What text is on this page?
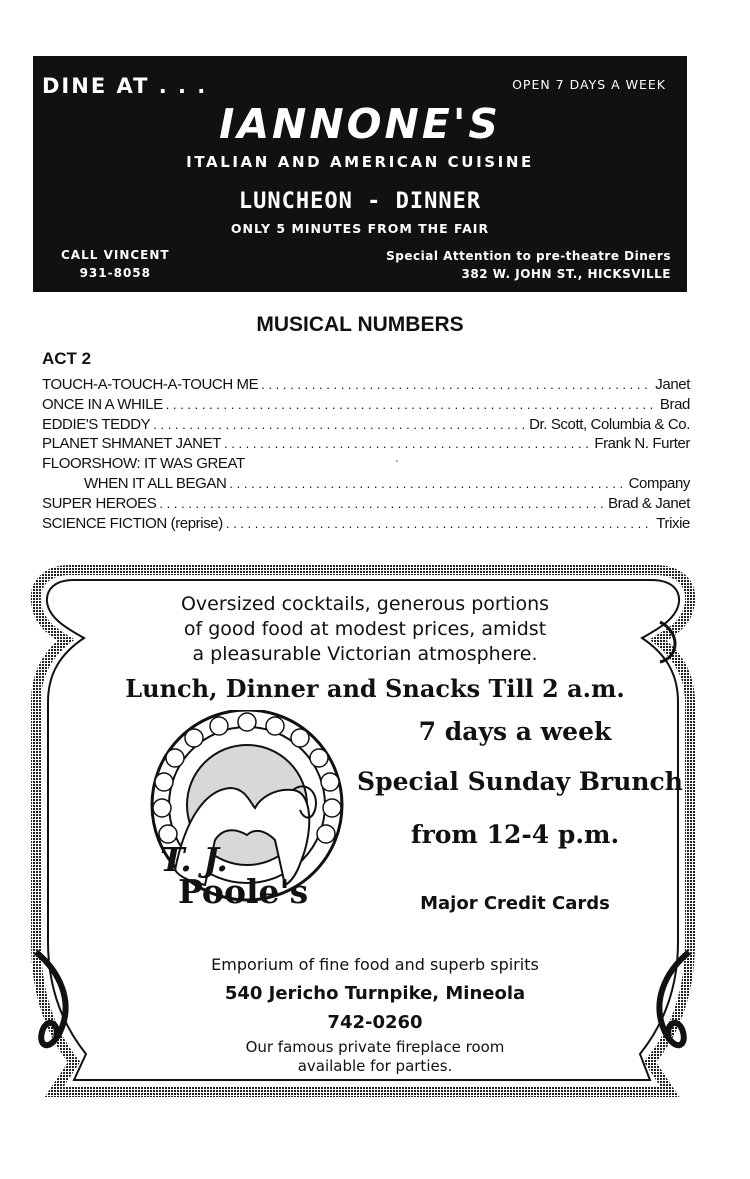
DINE AT . . .	OPEN 7 DAYS A WEEK
IANNONE'S
ITALIAN AND AMERICAN CUISINE
LUNCHEON - DINNER
ONLY 5 MINUTES FROM THE FAIR
CALL VINCENT
931-8058
Special Attention to pre-theatre Diners
382 W. JOHN ST., HICKSVILLE
MUSICAL NUMBERS
ACT 2
TOUCH-A-TOUCH-A-TOUCH ME . . .	Janet
ONCE IN A WHILE . . .	Brad
EDDIE'S TEDDY . . .	Dr. Scott, Columbia & Co.
PLANET SHMANET JANET . . .	Frank N. Furter
FLOORSHOW: IT WAS GREAT
WHEN IT ALL BEGAN . . .	Company
SUPER HEROES . . .	Brad & Janet
SCIENCE FICTION (reprise) . . .	Trixie
Oversized cocktails, generous portions
of good food at modest prices, amidst
a pleasurable Victorian atmosphere.
Lunch, Dinner and Snacks Till 2 a.m.
T. J.
Poole's
7 days a week
Special Sunday Brunch
from 12-4 p.m.
Major Credit Cards
Emporium of fine food and superb spirits
540 Jericho Turnpike, Mineola
742-0260
Our famous private fireplace room
available for parties.
